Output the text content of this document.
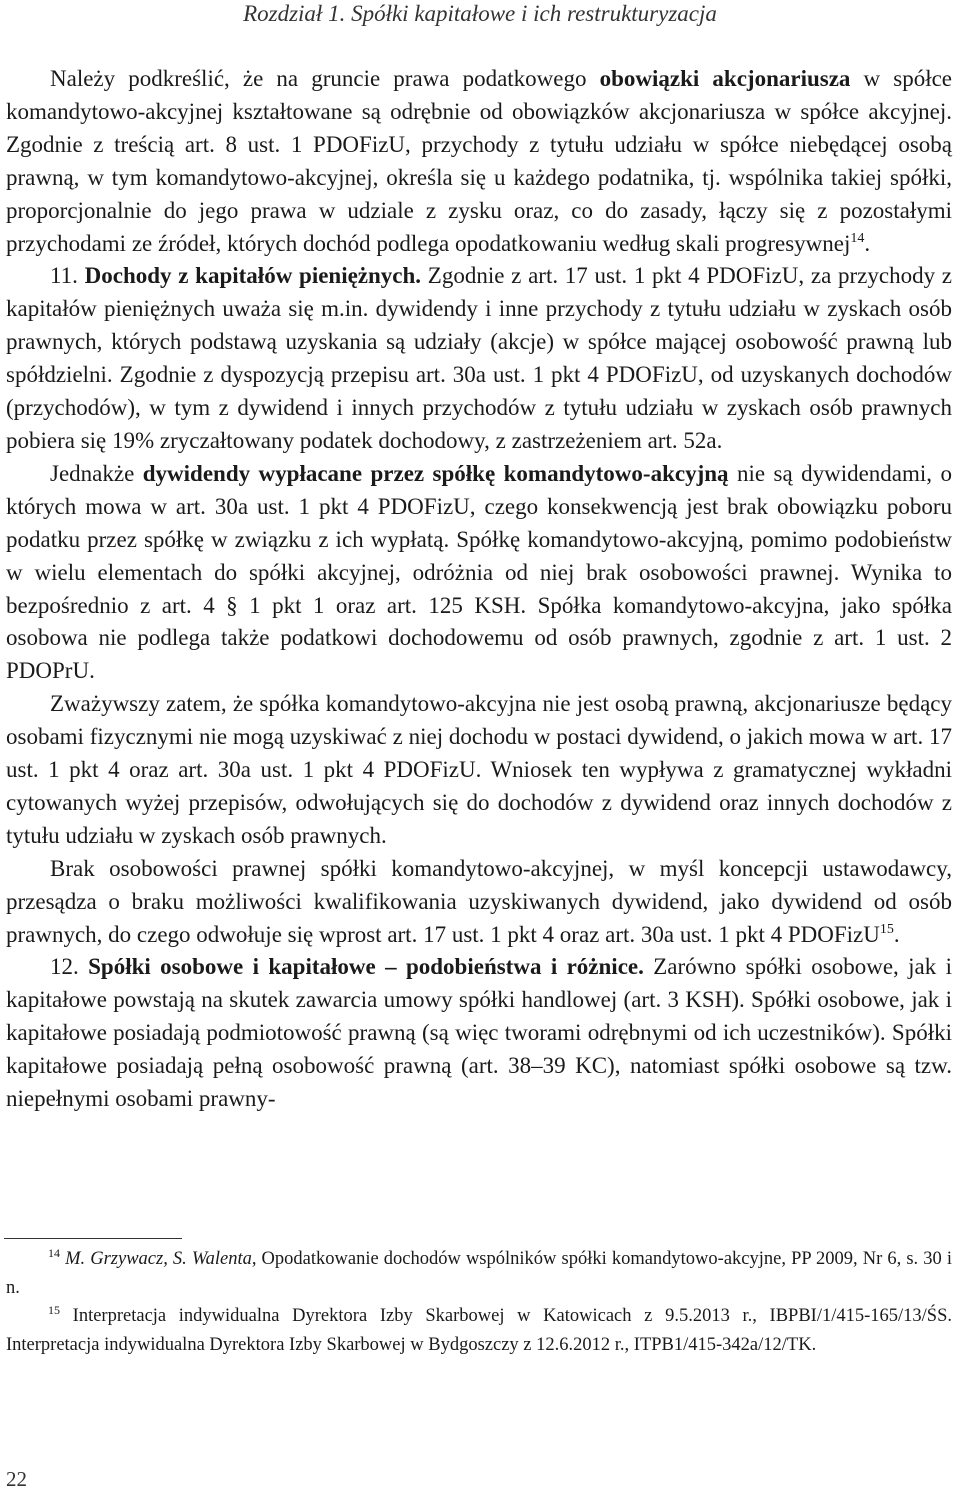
Rozdział 1. Spółki kapitałowe i ich restrukturyzacja

Należy podkreślić, że na gruncie prawa podatkowego obowiązki akcjonariusza w spółce komandytowo-akcyjnej kształtowane są odrębnie od obowiązków akcjonariusza w spółce akcyjnej. Zgodnie z treścią art. 8 ust. 1 PDOFizU, przychody z tytułu udziału w spółce niebędącej osobą prawną, w tym komandytowo-akcyjnej, określa się u każdego podatnika, tj. wspólnika takiej spółki, proporcjonalnie do jego prawa w udziale z zysku oraz, co do zasady, łączy się z pozostałymi przychodami ze źródeł, których dochód podlega opodatkowaniu według skali progresywnej$^{14}$.

11. Dochody z kapitałów pieniężnych. Zgodnie z art. 17 ust. 1 pkt 4 PDOFizU, za przychody z kapitałów pieniężnych uważa się m.in. dywidendy i inne przychody z tytułu udziału w zyskach osób prawnych, których podstawą uzyskania są udziały (akcje) w spółce mającej osobowość prawną lub spółdzielni. Zgodnie z dyspozycją przepisu art. 30a ust. 1 pkt 4 PDOFizU, od uzyskanych dochodów (przychodów), w tym z dywidend i innych przychodów z tytułu udziału w zyskach osób prawnych pobiera się 19% zryczałtowany podatek dochodowy, z zastrzeżeniem art. 52a.

Jednakże dywidendy wypłacane przez spółkę komandytowo-akcyjną nie są dywidendami, o których mowa w art. 30a ust. 1 pkt 4 PDOFizU, czego konsekwencją jest brak obowiązku poboru podatku przez spółkę w związku z ich wypłatą. Spółkę komandytowo-akcyjną, pomimo podobieństw w wielu elementach do spółki akcyjnej, odróżnia od niej brak osobowości prawnej. Wynika to bezpośrednio z art. 4 § 1 pkt 1 oraz art. 125 KSH. Spółka komandytowo-akcyjna, jako spółka osobowa nie podlega także podatkowi dochodowemu od osób prawnych, zgodnie z art. 1 ust. 2 PDOPrU.

Zważywszy zatem, że spółka komandytowo-akcyjna nie jest osobą prawną, akcjonariusze będący osobami fizycznymi nie mogą uzyskiwać z niej dochodu w postaci dywidend, o jakich mowa w art. 17 ust. 1 pkt 4 oraz art. 30a ust. 1 pkt 4 PDOFizU. Wniosek ten wypływa z gramatycznej wykładni cytowanych wyżej przepisów, odwołujących się do dochodów z dywidend oraz innych dochodów z tytułu udziału w zyskach osób prawnych.

Brak osobowości prawnej spółki komandytowo-akcyjnej, w myśl koncepcji ustawodawcy, przesądza o braku możliwości kwalifikowania uzyskiwanych dywidend, jako dywidend od osób prawnych, do czego odwołuje się wprost art. 17 ust. 1 pkt 4 oraz art. 30a ust. 1 pkt 4 PDOFizU$^{15}$.

12. Spółki osobowe i kapitałowe – podobieństwa i różnice. Zarówno spółki osobowe, jak i kapitałowe powstają na skutek zawarcia umowy spółki handlowej (art. 3 KSH). Spółki osobowe, jak i kapitałowe posiadają podmiotowość prawną (są więc tworami odrębnymi od ich uczestników). Spółki kapitałowe posiadają pełną osobowość prawną (art. 38–39 KC), natomiast spółki osobowe są tzw. niepełnymi osobami prawny-

$^{14}$ M. Grzywacz, S. Walenta, Opodatkowanie dochodów wspólników spółki komandytowo-akcyjne, PP 2009, Nr 6, s. 30 i n.

$^{15}$ Interpretacja indywidualna Dyrektora Izby Skarbowej w Katowicach z 9.5.2013 r., IBPBI/1/415-165/13/ŚS. Interpretacja indywidualna Dyrektora Izby Skarbowej w Bydgoszczy z 12.6.2012 r., ITPB1/415-342a/12/TK.

22
